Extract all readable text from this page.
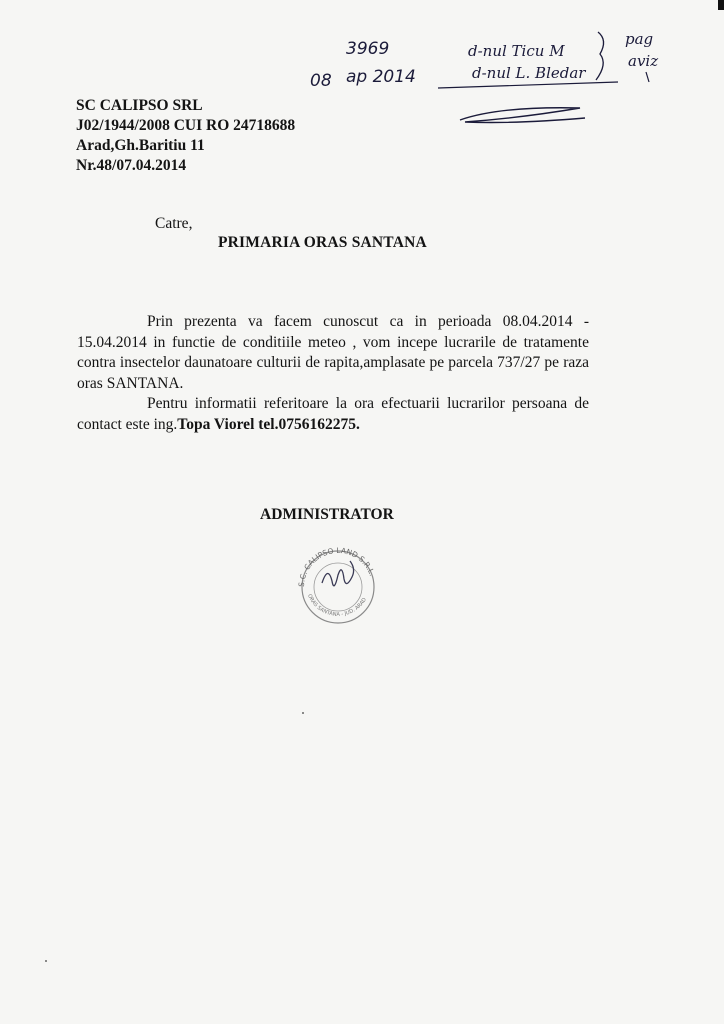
3969
08 ap 2014
d-nul Ticu M
d-nul L. Bledar
pag
aviz
SC CALIPSO SRL
J02/1944/2008 CUI RO 24718688
Arad,Gh.Baritiu 11
Nr.48/07.04.2014
Catre,
PRIMARIA ORAS SANTANA

Prin prezenta va facem cunoscut ca in perioada 08.04.2014 - 15.04.2014 in functie de conditiile meteo , vom incepe lucrarile de tratamente contra insectelor daunatoare culturii de rapita,amplasate pe parcela 737/27 pe raza oras SANTANA.

Pentru informatii referitoare la ora efectuarii lucrarilor persoana de contact este ing.Topa Viorel tel.0756162275.

ADMINISTRATOR
S.C. CALIPSO LAND S.R.L.
ORAS SANTANA - JUD. ARAD
